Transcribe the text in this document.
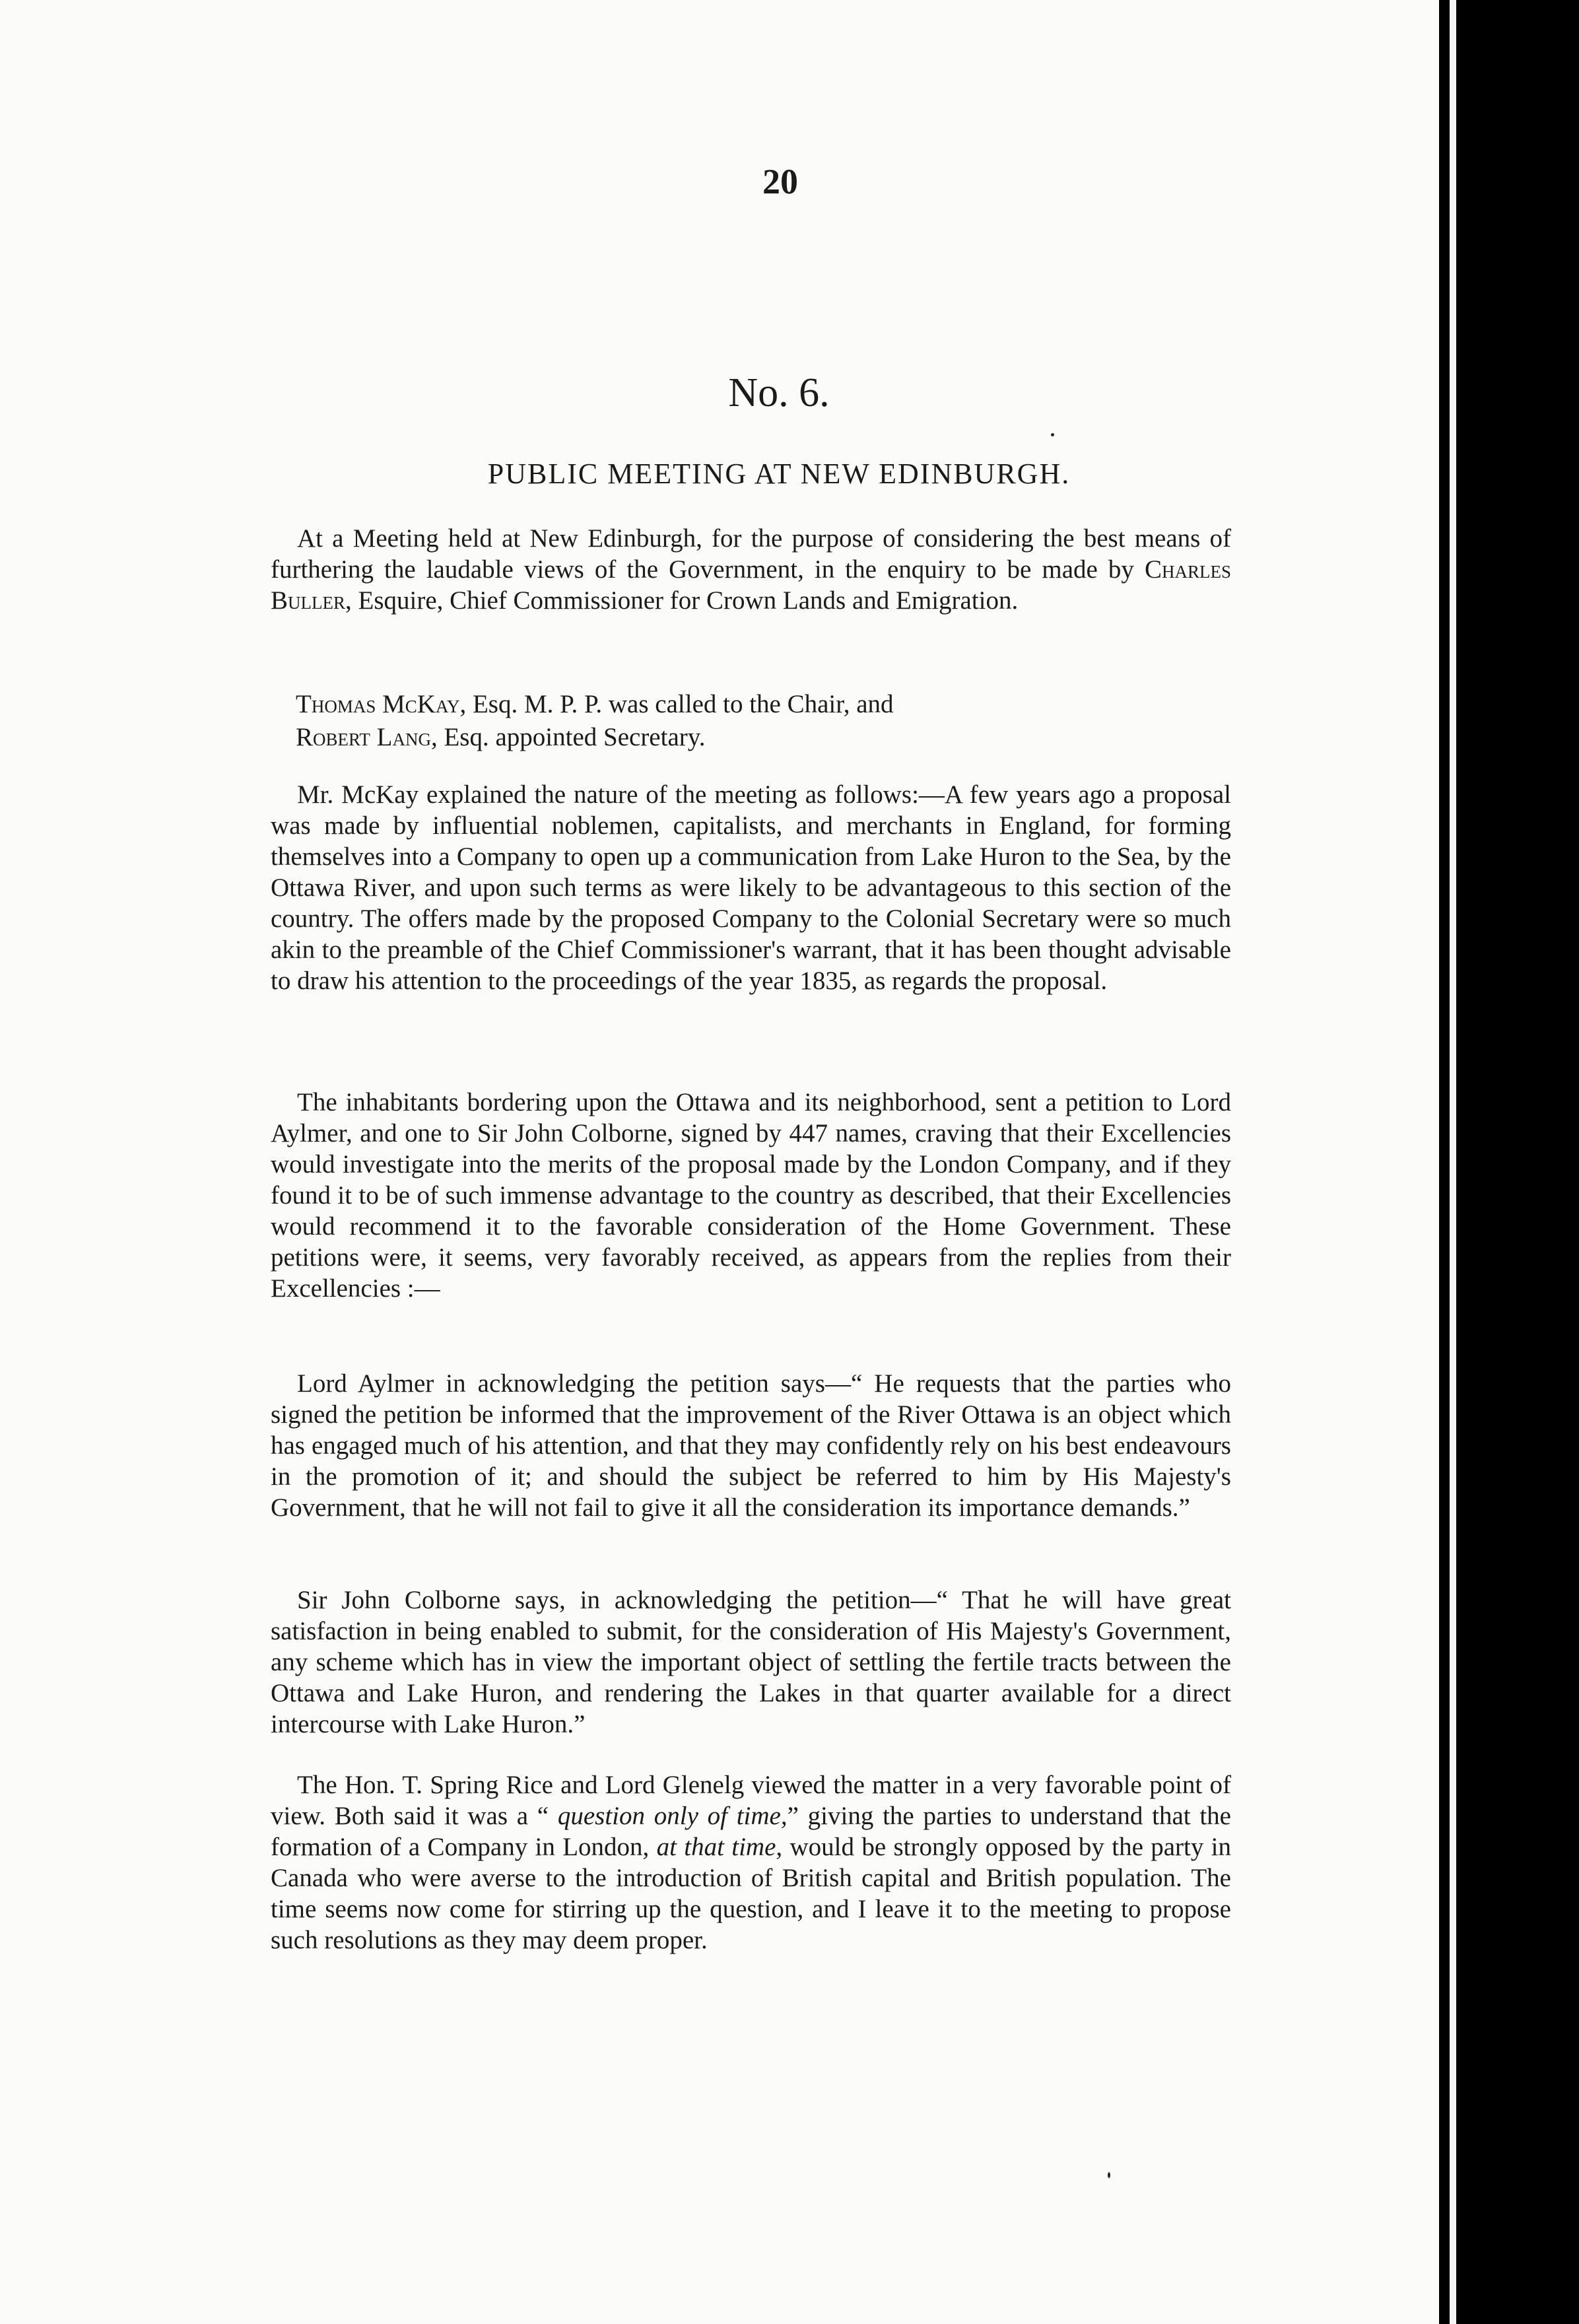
20

No. 6.

PUBLIC MEETING AT NEW EDINBURGH.

At a Meeting held at New Edinburgh, for the purpose of considering the best means of furthering the laudable views of the Government, in the enquiry to be made by Charles Buller, Esquire, Chief Commissioner for Crown Lands and Emigration.

Thomas McKay, Esq. M. P. P. was called to the Chair, and
Robert Lang, Esq. appointed Secretary.

Mr. McKay explained the nature of the meeting as follows:—A few years ago a proposal was made by influential noblemen, capitalists, and merchants in England, for forming themselves into a Company to open up a communication from Lake Huron to the Sea, by the Ottawa River, and upon such terms as were likely to be advantageous to this section of the country. The offers made by the proposed Company to the Colonial Secretary were so much akin to the preamble of the Chief Commissioner's warrant, that it has been thought advisable to draw his attention to the proceedings of the year 1835, as regards the proposal.

The inhabitants bordering upon the Ottawa and its neighborhood, sent a petition to Lord Aylmer, and one to Sir John Colborne, signed by 447 names, craving that their Excellencies would investigate into the merits of the proposal made by the London Company, and if they found it to be of such immense advantage to the country as described, that their Excellencies would recommend it to the favorable consideration of the Home Government. These petitions were, it seems, very favorably received, as appears from the replies from their Excellencies :—

Lord Aylmer in acknowledging the petition says—“ He requests that the parties who signed the petition be informed that the improvement of the River Ottawa is an object which has engaged much of his attention, and that they may confidently rely on his best endeavours in the promotion of it; and should the subject be referred to him by His Majesty's Government, that he will not fail to give it all the consideration its importance demands.”

Sir John Colborne says, in acknowledging the petition—“ That he will have great satisfaction in being enabled to submit, for the consideration of His Majesty's Government, any scheme which has in view the important object of settling the fertile tracts between the Ottawa and Lake Huron, and rendering the Lakes in that quarter available for a direct intercourse with Lake Huron.”

The Hon. T. Spring Rice and Lord Glenelg viewed the matter in a very favorable point of view. Both said it was a “ question only of time,” giving the parties to understand that the formation of a Company in London, at that time, would be strongly opposed by the party in Canada who were averse to the introduction of British capital and British population. The time seems now come for stirring up the question, and I leave it to the meeting to propose such resolutions as they may deem proper.
